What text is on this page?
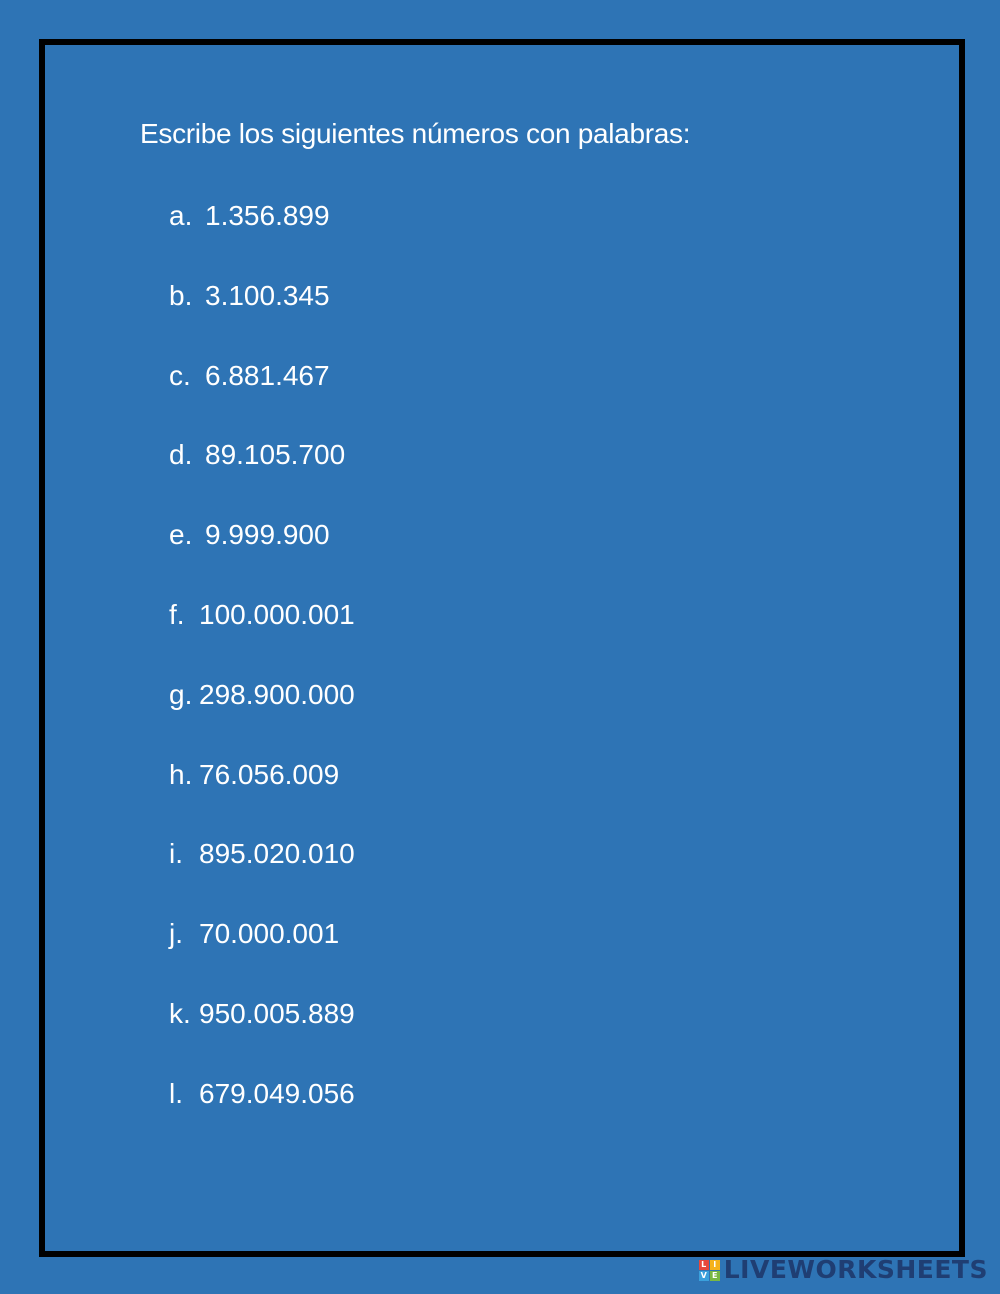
Escribe los siguientes números con palabras:
a. 1.356.899
b. 3.100.345
c. 6.881.467
d. 89.105.700
e. 9.999.900
f. 100.000.001
g. 298.900.000
h. 76.056.009
i. 895.020.010
j. 70.000.001
k. 950.005.889
l. 679.049.056
L I
V E LIVEWORKSHEETS
